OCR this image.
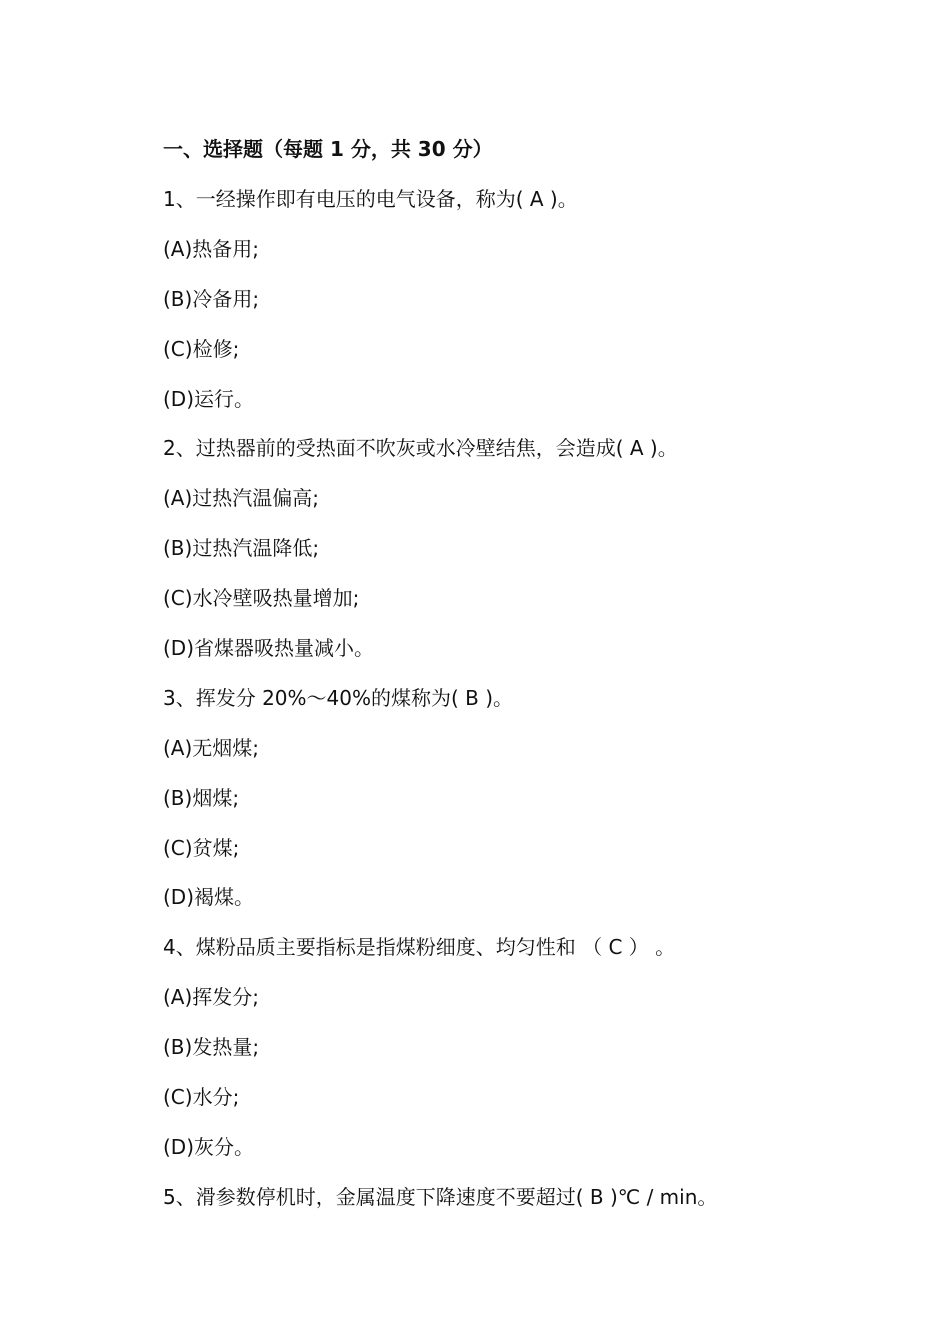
一、选择题（每题 1 分，共 30 分）
1、一经操作即有电压的电气设备，称为( A )。
(A)热备用;
(B)冷备用;
(C)检修;
(D)运行。
2、过热器前的受热面不吹灰或水冷壁结焦，会造成( A )。
(A)过热汽温偏高;
(B)过热汽温降低;
(C)水冷壁吸热量增加;
(D)省煤器吸热量减小。
3、挥发分 20%～40%的煤称为( B )。
(A)无烟煤;
(B)烟煤;
(C)贫煤;
(D)褐煤。
4、煤粉品质主要指标是指煤粉细度、均匀性和 （ C ） 。
(A)挥发分;
(B)发热量;
(C)水分;
(D)灰分。
5、滑参数停机时，金属温度下降速度不要超过( B )℃ / min。
